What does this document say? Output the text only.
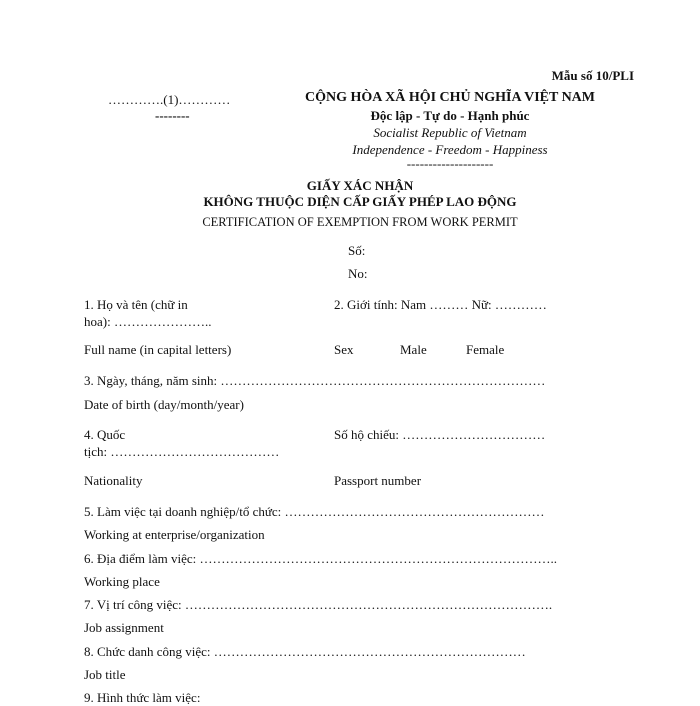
Mẫu số 10/PLI
………….(1)…………
--------
CỘNG HÒA XÃ HỘI CHỦ NGHĨA VIỆT NAM
Độc lập - Tự do - Hạnh phúc
Socialist Republic of Vietnam
Independence - Freedom - Happiness
--------------------
GIẤY XÁC NHẬN
KHÔNG THUỘC DIỆN CẤP GIẤY PHÉP LAO ĐỘNG
CERTIFICATION OF EXEMPTION FROM WORK PERMIT
Số:
No:
1. Họ và tên (chữ in
hoa): …………………..
Full name (in capital letters)
2. Giới tính: Nam ……… Nữ: …………
Sex	Male	Female
3. Ngày, tháng, năm sinh: …………………………………………………………………
Date of birth (day/month/year)
4. Quốc
tịch: …………………………………
Nationality
Số hộ chiếu: ……………………………
Passport number
5. Làm việc tại doanh nghiệp/tổ chức: ……………………………………………………
Working at enterprise/organization
6. Địa điểm làm việc: ………………………………………………………………………..
Working place
7. Vị trí công việc: ………………………………………………………………………….
Job assignment
8. Chức danh công việc: ………………………………………………………………
Job title
9. Hình thức làm việc:
